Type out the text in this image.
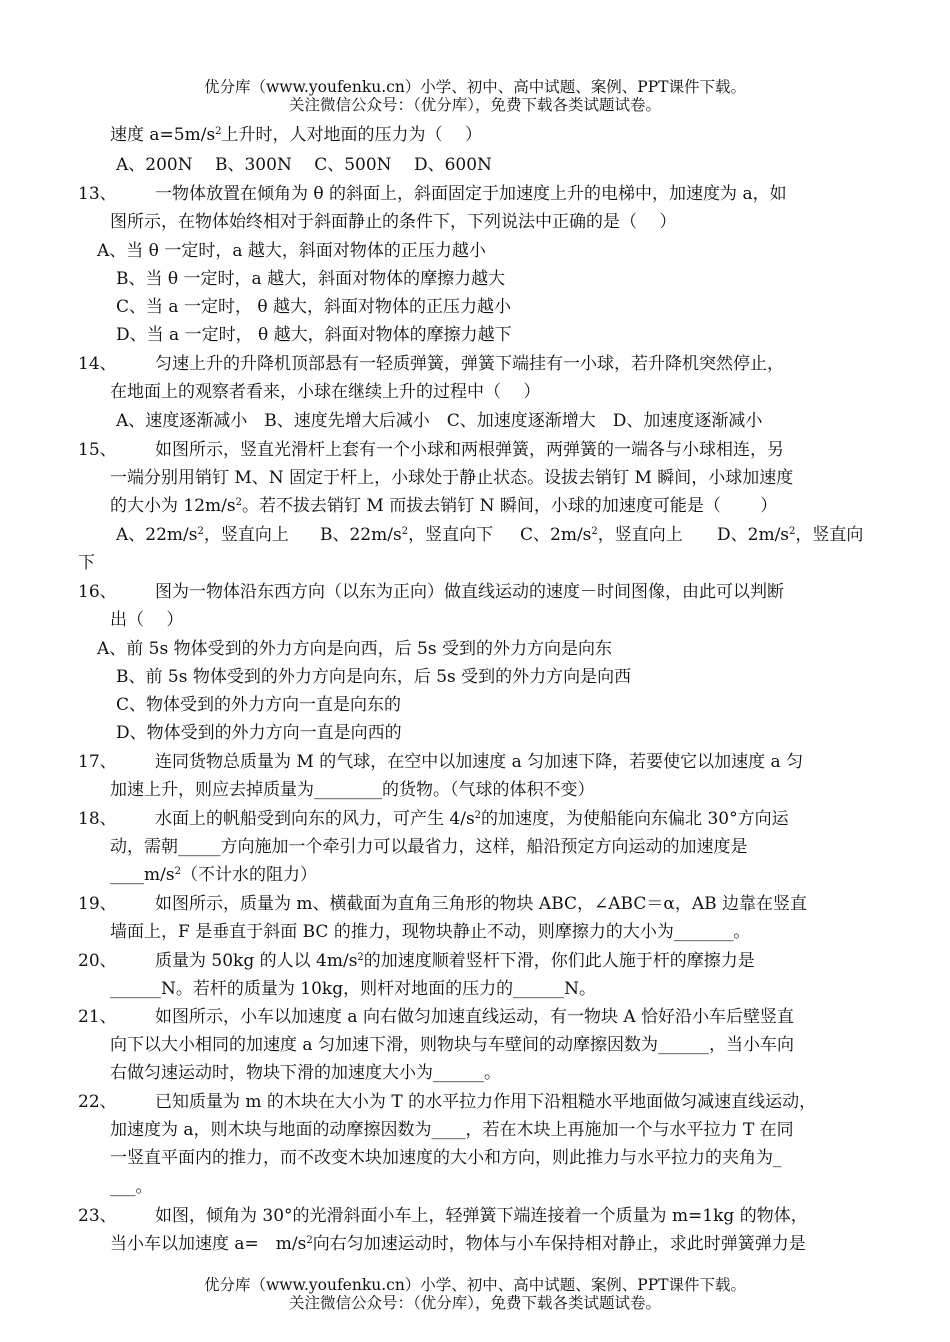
优分库（www.youfenku.cn）小学、初中、高中试题、案例、PPT课件下载。
关注微信公众号：（优分库），免费下载各类试题试卷。
速度 $a=5m/s^2$上升时，人对地面的压力为（　 ）
A、200N　 B、300N　 C、500N　 D、600N
13、 一物体放置在倾角为 θ 的斜面上，斜面固定于加速度上升的电梯中，加速度为 a，如
图所示，在物体始终相对于斜面静止的条件下，下列说法中正确的是（　 ）
A、当 θ 一定时，a 越大，斜面对物体的正压力越小
B、当 θ 一定时，a 越大，斜面对物体的摩擦力越大
C、当 a 一定时， θ 越大，斜面对物体的正压力越小
D、当 a 一定时， θ 越大，斜面对物体的摩擦力越下
14、 匀速上升的升降机顶部悬有一轻质弹簧，弹簧下端挂有一小球，若升降机突然停止，
在地面上的观察者看来，小球在继续上升的过程中（　 ）
A、速度逐渐减小　B、速度先增大后减小　C、加速度逐渐增大　D、加速度逐渐减小
15、 如图所示，竖直光滑杆上套有一个小球和两根弹簧，两弹簧的一端各与小球相连，另
一端分别用销钉 M、N 固定于杆上，小球处于静止状态。设拔去销钉 M 瞬间，小球加速度
的大小为 $12m/s^2$。若不拔去销钉 M 而拔去销钉 N 瞬间，小球的加速度可能是（　　 ）
A、$22m/s^2$，竖直向上 B、$22m/s^2$，竖直向下 C、$2m/s^2$，竖直向上 D、$2m/s^2$，竖直向
下
16、 图为一物体沿东西方向（以东为正向）做直线运动的速度－时间图像，由此可以判断
出（　 ）
A、前 5s 物体受到的外力方向是向西，后 5s 受到的外力方向是向东
B、前 5s 物体受到的外力方向是向东，后 5s 受到的外力方向是向西
C、物体受到的外力方向一直是向东的
D、物体受到的外力方向一直是向西的
17、 连同货物总质量为 M 的气球，在空中以加速度 a 匀加速下降，若要使它以加速度 a 匀
加速上升，则应去掉质量为________的货物。（气球的体积不变）
18、 水面上的帆船受到向东的风力，可产生 $4/s^2$的加速度，为使船能向东偏北 30°方向运
动，需朝_____方向施加一个牵引力可以最省力，这样，船沿预定方向运动的加速度是
$\_\_\_\_m/s^2$（不计水的阻力）
19、 如图所示，质量为 m、横截面为直角三角形的物块 ABC，∠ABC＝α，AB 边靠在竖直
墙面上，F 是垂直于斜面 BC 的推力，现物块静止不动，则摩擦力的大小为_______。
20、 质量为 50kg 的人以 $4m/s^2$的加速度顺着竖杆下滑，你们此人施于杆的摩擦力是
______N。若杆的质量为 10kg，则杆对地面的压力的______N。
21、 如图所示，小车以加速度 a 向右做匀加速直线运动，有一物块 A 恰好沿小车后壁竖直
向下以大小相同的加速度 a 匀加速下滑，则物块与车壁间的动摩擦因数为______，当小车向
右做匀速运动时，物块下滑的加速度大小为______。
22、 已知质量为 m 的木块在大小为 T 的水平拉力作用下沿粗糙水平地面做匀减速直线运动，
加速度为 a，则木块与地面的动摩擦因数为____，若在木块上再施加一个与水平拉力 T 在同
一竖直平面内的推力，而不改变木块加速度的大小和方向，则此推力与水平拉力的夹角为_
___。
23、 如图，倾角为 30°的光滑斜面小车上，轻弹簧下端连接着一个质量为 m=1kg 的物体，
当小车以加速度 a=　$m/s^2$向右匀加速运动时，物体与小车保持相对静止，求此时弹簧弹力是
优分库（www.youfenku.cn）小学、初中、高中试题、案例、PPT课件下载。
关注微信公众号：（优分库），免费下载各类试题试卷。
